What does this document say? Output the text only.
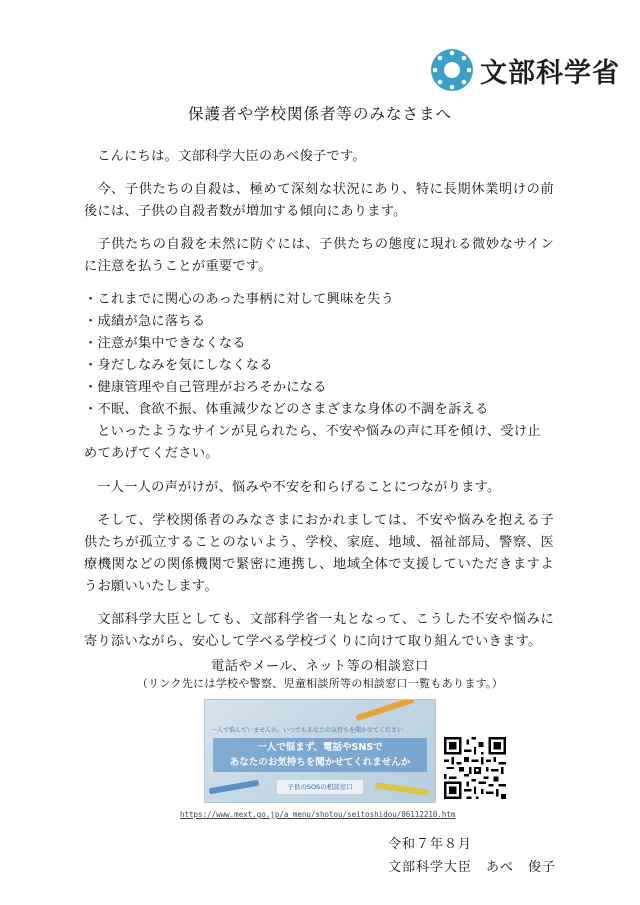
文部科学省
保護者や学校関係者等のみなさまへ

こんにちは。文部科学大臣のあべ俊子です。

今、子供たちの自殺は、極めて深刻な状況にあり、特に長期休業明けの前後には、子供の自殺者数が増加する傾向にあります。

子供たちの自殺を未然に防ぐには、子供たちの態度に現れる微妙なサインに注意を払うことが重要です。

・これまでに関心のあった事柄に対して興味を失う
・成績が急に落ちる
・注意が集中できなくなる
・身だしなみを気にしなくなる
・健康管理や自己管理がおろそかになる
・不眠、食欲不振、体重減少などのさまざまな身体の不調を訴える

といったようなサインが見られたら、不安や悩みの声に耳を傾け、受け止めてあげてください。

一人一人の声がけが、悩みや不安を和らげることにつながります。

そして、学校関係者のみなさまにおかれましては、不安や悩みを抱える子供たちが孤立することのないよう、学校、家庭、地域、福祉部局、警察、医療機関などの関係機関で緊密に連携し、地域全体で支援していただきますようお願いいたします。

文部科学大臣としても、文部科学省一丸となって、こうした不安や悩みに寄り添いながら、安心して学べる学校づくりに向けて取り組んでいきます。

電話やメール、ネット等の相談窓口
（リンク先には学校や警察、児童相談所等の相談窓口一覧もあります。）
一人で悩んでいませんか。いつでもあなたの気持ちを聞かせてください
一人で悩まず、電話やSNSで
あなたのお気持ちを聞かせてくれませんか
子供のSOSの相談窓口
https://www.mext.go.jp/a_menu/shotou/seitoshidou/06112210.htm
令和７年８月
文部科学大臣　あべ　俊子
